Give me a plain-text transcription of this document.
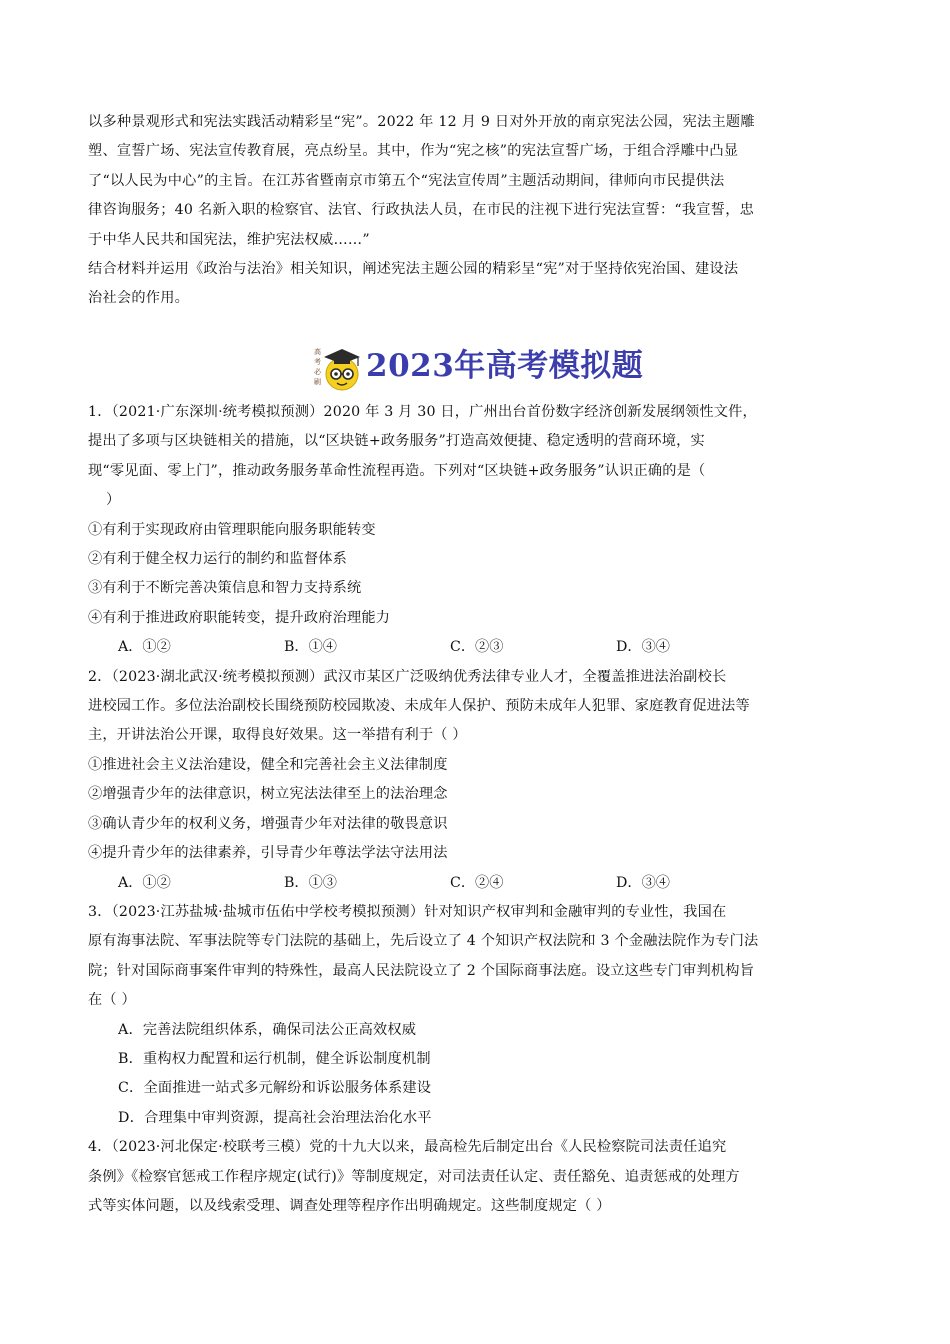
以多种景观形式和宪法实践活动精彩呈“宪”。2022 年 12 月 9 日对外开放的南京宪法公园，宪法主题雕

塑、宣誓广场、宪法宣传教育展，亮点纷呈。其中，作为“宪之核”的宪法宣誓广场，于组合浮雕中凸显

了“以人民为中心”的主旨。在江苏省暨南京市第五个“宪法宣传周”主题活动期间，律师向市民提供法

律咨询服务；40 名新入职的检察官、法官、行政执法人员，在市民的注视下进行宪法宣誓：“我宣誓，忠

于中华人民共和国宪法，维护宪法权威……”

结合材料并运用《政治与法治》相关知识，阐述宪法主题公园的精彩呈“宪”对于坚持依宪治国、建设法

治社会的作用。

高
考
必
刷 2023年高考模拟题

1．（2021·广东深圳·统考模拟预测）2020 年 3 月 30 日，广州出台首份数字经济创新发展纲领性文件，

提出了多项与区块链相关的措施，以“区块链+政务服务”打造高效便捷、稳定透明的营商环境，实

现“零见面、零上门”，推动政务服务革命性流程再造。下列对“区块链+政务服务”认识正确的是（

）

①有利于实现政府由管理职能向服务职能转变

②有利于健全权力运行的制约和监督体系

③有利于不断完善决策信息和智力支持系统

④有利于推进政府职能转变，提升政府治理能力

A．①②	B．①④	C．②③	D．③④

2．（2023·湖北武汉·统考模拟预测）武汉市某区广泛吸纳优秀法律专业人才，全覆盖推进法治副校长

进校园工作。多位法治副校长围绕预防校园欺凌、未成年人保护、预防未成年人犯罪、家庭教育促进法等

主，开讲法治公开课，取得良好效果。这一举措有利于（ ）

①推进社会主义法治建设，健全和完善社会主义法律制度

②增强青少年的法律意识，树立宪法法律至上的法治理念

③确认青少年的权利义务，增强青少年对法律的敬畏意识

④提升青少年的法律素养，引导青少年尊法学法守法用法

A．①②	B．①③	C．②④	D．③④

3．（2023·江苏盐城·盐城市伍佑中学校考模拟预测）针对知识产权审判和金融审判的专业性，我国在

原有海事法院、军事法院等专门法院的基础上，先后设立了 4 个知识产权法院和 3 个金融法院作为专门法

院；针对国际商事案件审判的特殊性，最高人民法院设立了 2 个国际商事法庭。设立这些专门审判机构旨

在（ ）

A．完善法院组织体系，确保司法公正高效权威

B．重构权力配置和运行机制，健全诉讼制度机制

C．全面推进一站式多元解纷和诉讼服务体系建设

D．合理集中审判资源，提高社会治理法治化水平

4．（2023·河北保定·校联考三模）党的十九大以来，最高检先后制定出台《人民检察院司法责任追究

条例》《检察官惩戒工作程序规定(试行)》等制度规定，对司法责任认定、责任豁免、追责惩戒的处理方

式等实体问题，以及线索受理、调查处理等程序作出明确规定。这些制度规定（ ）
